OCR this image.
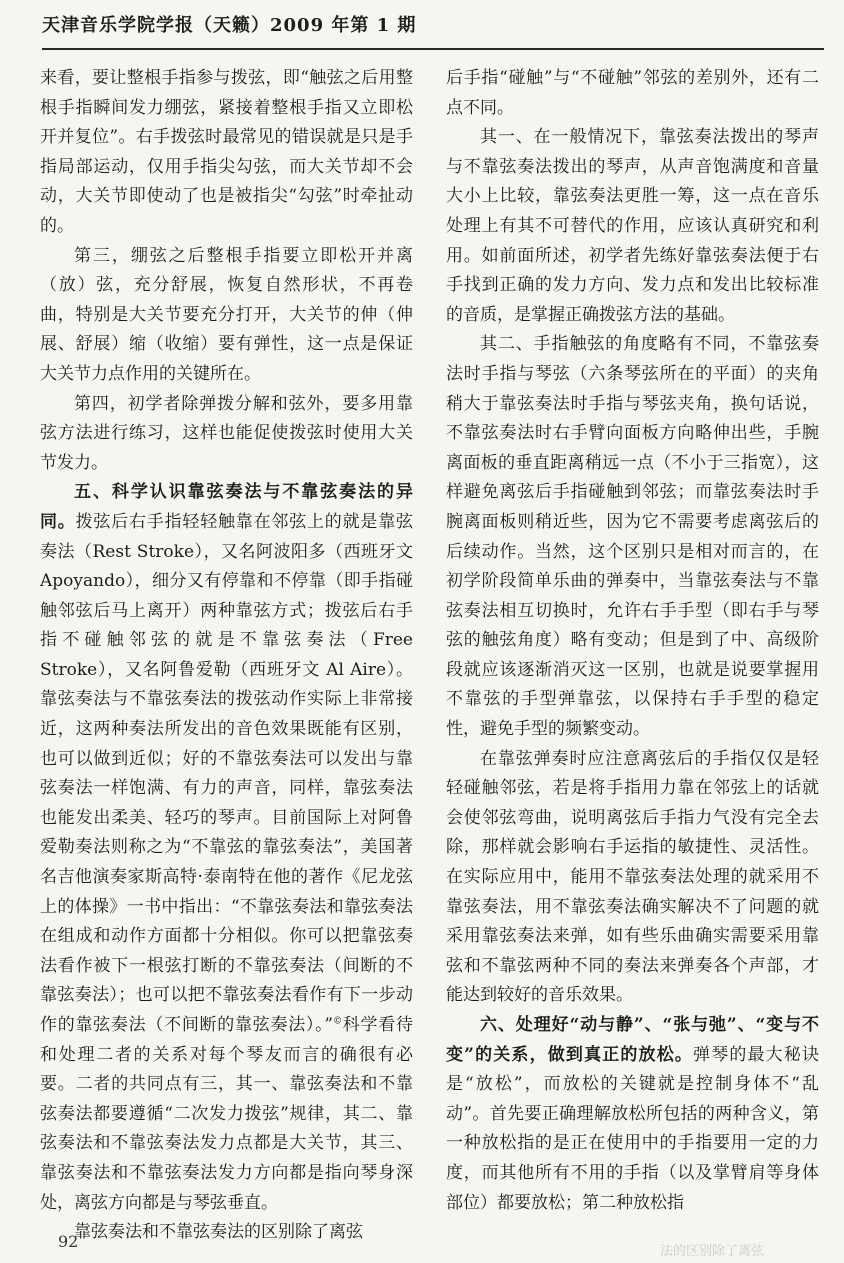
天津音乐学院学报（天籁）2009 年第 1 期

来看，要让整根手指参与拨弦，即“触弦之后用整根手指瞬间发力绷弦，紧接着整根手指又立即松开并复位”。右手拨弦时最常见的错误就是只是手指局部运动，仅用手指尖勾弦，而大关节却不会动，大关节即使动了也是被指尖“勾弦”时牵扯动的。

第三，绷弦之后整根手指要立即松开并离（放）弦，充分舒展，恢复自然形状，不再卷曲，特别是大关节要充分打开，大关节的伸（伸展、舒展）缩（收缩）要有弹性，这一点是保证大关节力点作用的关键所在。

第四，初学者除弹拨分解和弦外，要多用靠弦方法进行练习，这样也能促使拨弦时使用大关节发力。

五、科学认识靠弦奏法与不靠弦奏法的异同。拨弦后右手指轻轻触靠在邻弦上的就是靠弦奏法（Rest Stroke），又名阿波阳多（西班牙文 Apoyando），细分又有停靠和不停靠（即手指碰触邻弦后马上离开）两种靠弦方式；拨弦后右手指不碰触邻弦的就是不靠弦奏法（Free Stroke），又名阿鲁爱勒（西班牙文 Al Aire）。靠弦奏法与不靠弦奏法的拨弦动作实际上非常接近，这两种奏法所发出的音色效果既能有区别，也可以做到近似；好的不靠弦奏法可以发出与靠弦奏法一样饱满、有力的声音，同样，靠弦奏法也能发出柔美、轻巧的琴声。目前国际上对阿鲁爱勒奏法则称之为“不靠弦的靠弦奏法”，美国著名吉他演奏家斯高特·泰南特在他的著作《尼龙弦上的体操》一书中指出：“不靠弦奏法和靠弦奏法在组成和动作方面都十分相似。你可以把靠弦奏法看作被下一根弦打断的不靠弦奏法（间断的不靠弦奏法）；也可以把不靠弦奏法看作有下一步动作的靠弦奏法（不间断的靠弦奏法）。”©科学看待和处理二者的关系对每个琴友而言的确很有必要。二者的共同点有三，其一、靠弦奏法和不靠弦奏法都要遵循“二次发力拨弦”规律，其二、靠弦奏法和不靠弦奏法发力点都是大关节，其三、靠弦奏法和不靠弦奏法发力方向都是指向琴身深处，离弦方向都是与琴弦垂直。

靠弦奏法和不靠弦奏法的区别除了离弦

后手指“碰触”与“不碰触”邻弦的差别外，还有二点不同。

其一、在一般情况下，靠弦奏法拨出的琴声与不靠弦奏法拨出的琴声，从声音饱满度和音量大小上比较，靠弦奏法更胜一筹，这一点在音乐处理上有其不可替代的作用，应该认真研究和利用。如前面所述，初学者先练好靠弦奏法便于右手找到正确的发力方向、发力点和发出比较标准的音质，是掌握正确拨弦方法的基础。

其二、手指触弦的角度略有不同，不靠弦奏法时手指与琴弦（六条琴弦所在的平面）的夹角稍大于靠弦奏法时手指与琴弦夹角，换句话说，不靠弦奏法时右手臂向面板方向略伸出些，手腕离面板的垂直距离稍远一点（不小于三指宽），这样避免离弦后手指碰触到邻弦；而靠弦奏法时手腕离面板则稍近些，因为它不需要考虑离弦后的后续动作。当然，这个区别只是相对而言的，在初学阶段简单乐曲的弹奏中，当靠弦奏法与不靠弦奏法相互切换时，允许右手手型（即右手与琴弦的触弦角度）略有变动；但是到了中、高级阶段就应该逐渐消灭这一区别，也就是说要掌握用不靠弦的手型弹靠弦，以保持右手手型的稳定性，避免手型的频繁变动。

在靠弦弹奏时应注意离弦后的手指仅仅是轻轻碰触邻弦，若是将手指用力靠在邻弦上的话就会使邻弦弯曲，说明离弦后手指力气没有完全去除，那样就会影响右手运指的敏捷性、灵活性。在实际应用中，能用不靠弦奏法处理的就采用不靠弦奏法，用不靠弦奏法确实解决不了问题的就采用靠弦奏法来弹，如有些乐曲确实需要采用靠弦和不靠弦两种不同的奏法来弹奏各个声部，才能达到较好的音乐效果。

六、处理好“动与静”、“张与弛”、“变与不变”的关系，做到真正的放松。弹琴的最大秘诀是“放松”，而放松的关键就是控制身体不“乱动”。首先要正确理解放松所包括的两种含义，第一种放松指的是正在使用中的手指要用一定的力度，而其他所有不用的手指（以及掌臂肩等身体部位）都要放松；第二种放松指

92
法的区别除了离弦
